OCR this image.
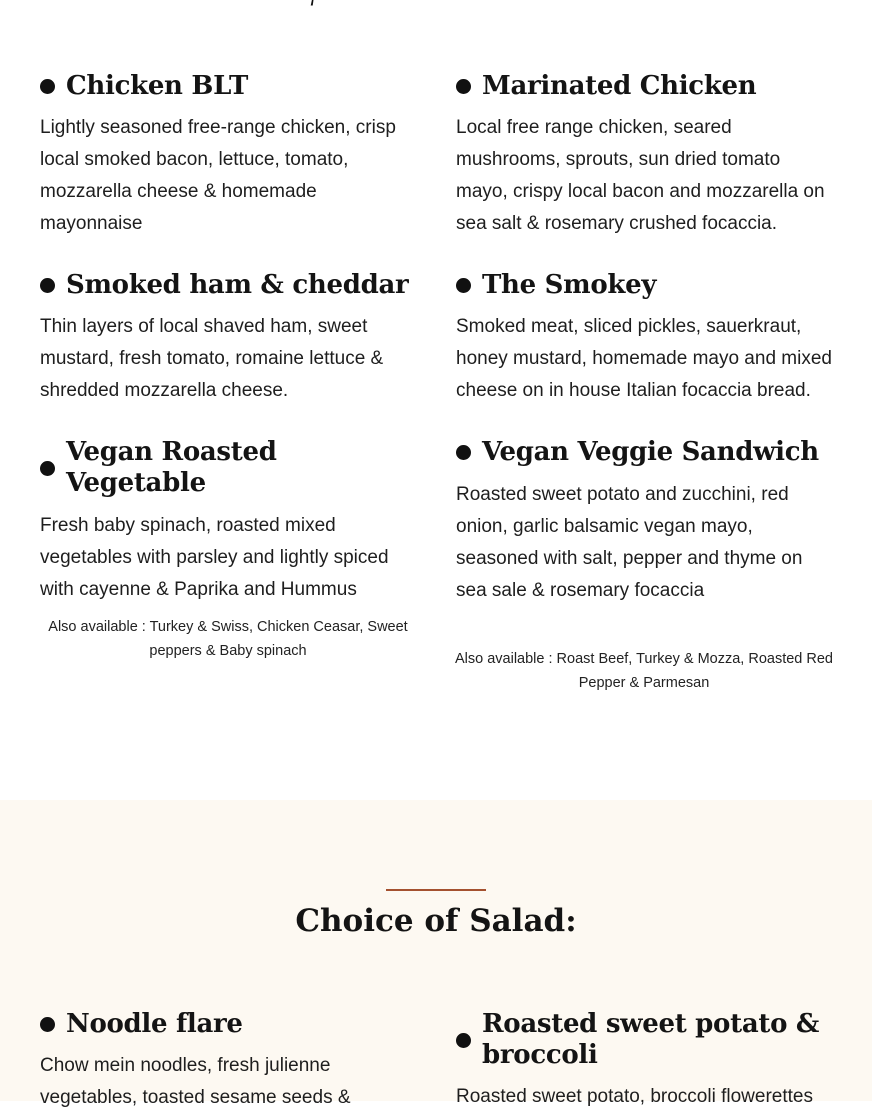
Chicken BLT

Lightly seasoned free-range chicken, crisp local smoked bacon, lettuce, tomato, mozzarella cheese & homemade mayonnaise

Marinated Chicken

Local free range chicken, seared mushrooms, sprouts, sun dried tomato mayo, crispy local bacon and mozzarella on sea salt & rosemary crushed focaccia.

Smoked ham & cheddar

Thin layers of local shaved ham, sweet mustard, fresh tomato, romaine lettuce & shredded mozzarella cheese.

The Smokey

Smoked meat, sliced pickles, sauerkraut, honey mustard, homemade mayo and mixed cheese on in house Italian focaccia bread.

Vegan Roasted Vegetable

Fresh baby spinach, roasted mixed vegetables with parsley and lightly spiced with cayenne & Paprika and Hummus

Vegan Veggie Sandwich

Roasted sweet potato and zucchini, red onion, garlic balsamic vegan mayo, seasoned with salt, pepper and thyme on sea sale & rosemary focaccia

Also available : Turkey & Swiss, Chicken Ceasar, Sweet peppers & Baby spinach	Also available : Roast Beef, Turkey & Mozza, Roasted Red Pepper & Parmesan
Choice of Salad:
Noodle flare

Chow mein noodles, fresh julienne vegetables, toasted sesame seeds &

Roasted sweet potato & broccoli

Roasted sweet potato, broccoli flowerettes
